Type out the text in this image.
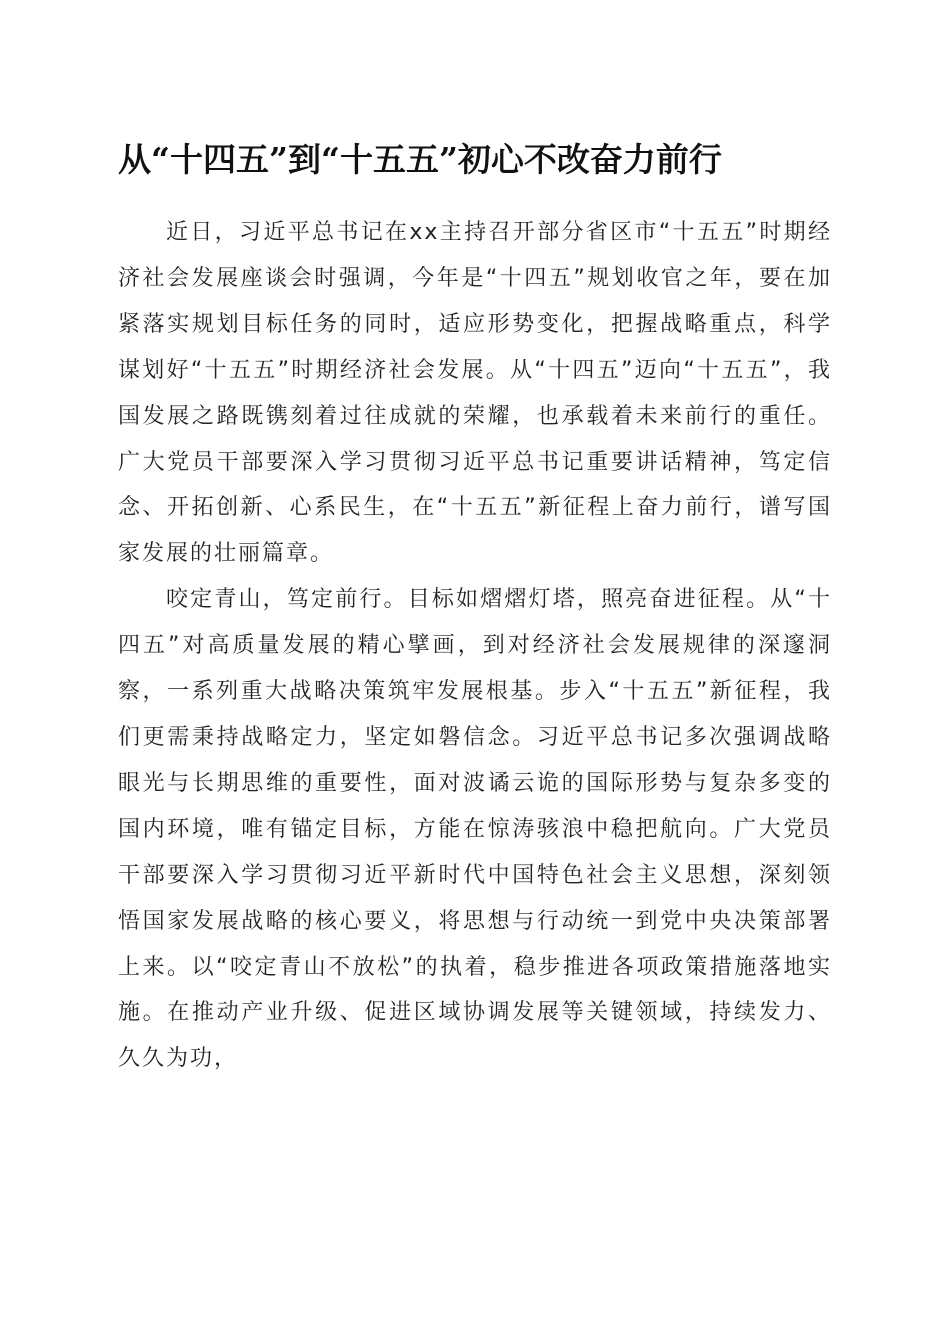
从“十四五”到“十五五”初心不改奋力前行

近日，习近平总书记在xx主持召开部分省区市“十五五”时期经济社会发展座谈会时强调，今年是“十四五”规划收官之年，要在加紧落实规划目标任务的同时，适应形势变化，把握战略重点，科学谋划好“十五五”时期经济社会发展。从“十四五”迈向“十五五”，我国发展之路既镌刻着过往成就的荣耀，也承载着未来前行的重任。广大党员干部要深入学习贯彻习近平总书记重要讲话精神，笃定信念、开拓创新、心系民生，在“十五五”新征程上奋力前行，谱写国家发展的壮丽篇章。

咬定青山，笃定前行。目标如熠熠灯塔，照亮奋进征程。从“十四五”对高质量发展的精心擘画，到对经济社会发展规律的深邃洞察，一系列重大战略决策筑牢发展根基。步入“十五五”新征程，我们更需秉持战略定力，坚定如磐信念。习近平总书记多次强调战略眼光与长期思维的重要性，面对波谲云诡的国际形势与复杂多变的国内环境，唯有锚定目标，方能在惊涛骇浪中稳把航向。广大党员干部要深入学习贯彻习近平新时代中国特色社会主义思想，深刻领悟国家发展战略的核心要义，将思想与行动统一到党中央决策部署上来。以“咬定青山不放松”的执着，稳步推进各项政策措施落地实施。在推动产业升级、促进区域协调发展等关键领域，持续发力、久久为功，
